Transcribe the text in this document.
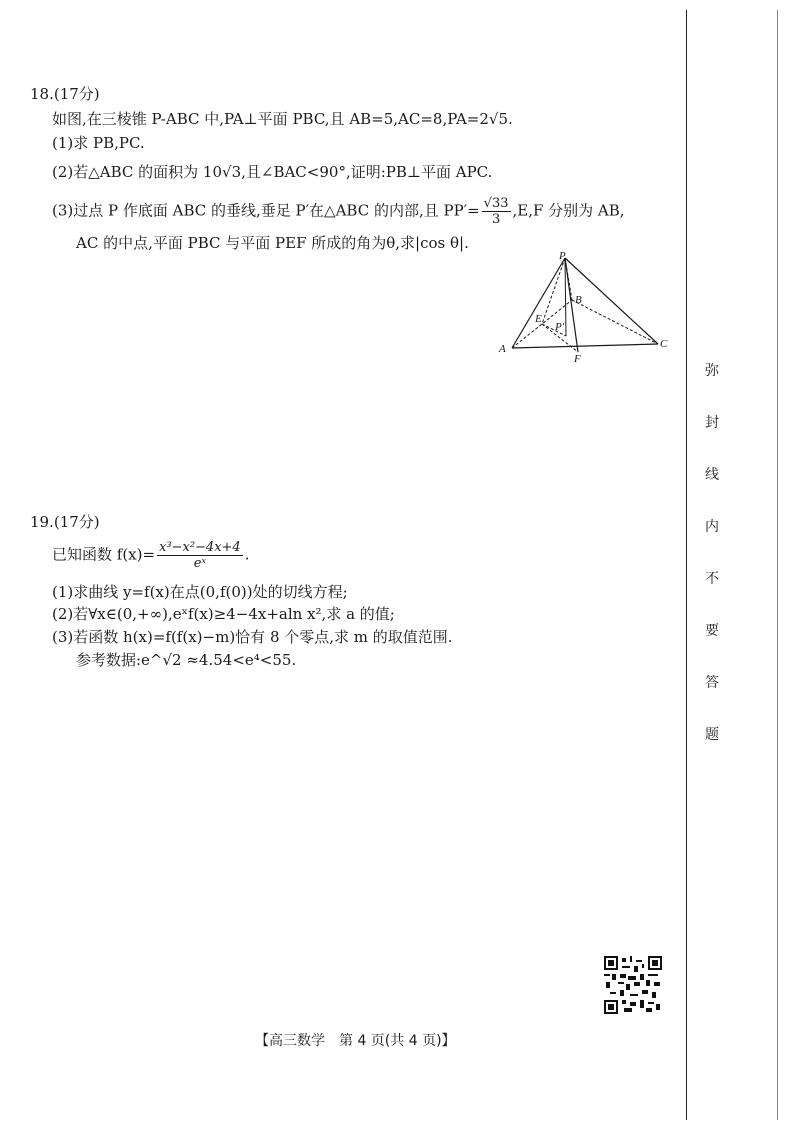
18.(17分)
如图,在三棱锥 P-ABC 中,PA⊥平面 PBC,且 AB=5,AC=8,PA=2√5.
(1)求 PB,PC.
(2)若△ABC 的面积为 10√3,且∠BAC<90°,证明:PB⊥平面 APC.
(3)过点 P 作底面 ABC 的垂线,垂足 P′在△ABC 的内部,且 $PP'= \frac{√33}{3} ,E,F$ 分别为 AB,
AC 的中点,平面 PBC 与平面 PEF 所成的角为θ,求|cos θ|.
P
B
E
P′
A
F
C
19.(17分)
已知函数 $f(x)= \frac{\text{x³−x²−4x+4}}{\text{eˣ}}$ .
(1)求曲线 y=f(x)在点(0,f(0))处的切线方程;
(2)若∀x∈(0,+∞),eˣf(x)≥4−4x+aln x²,求 a 的值;
(3)若函数 h(x)=f(f(x)−m)恰有 8 个零点,求 m 的取值范围.
参考数据:e^√2 ≈4.54<e⁴<55.
弥
封
线
内
不
要
答
题
【高三数学　第 4 页(共 4 页)】
